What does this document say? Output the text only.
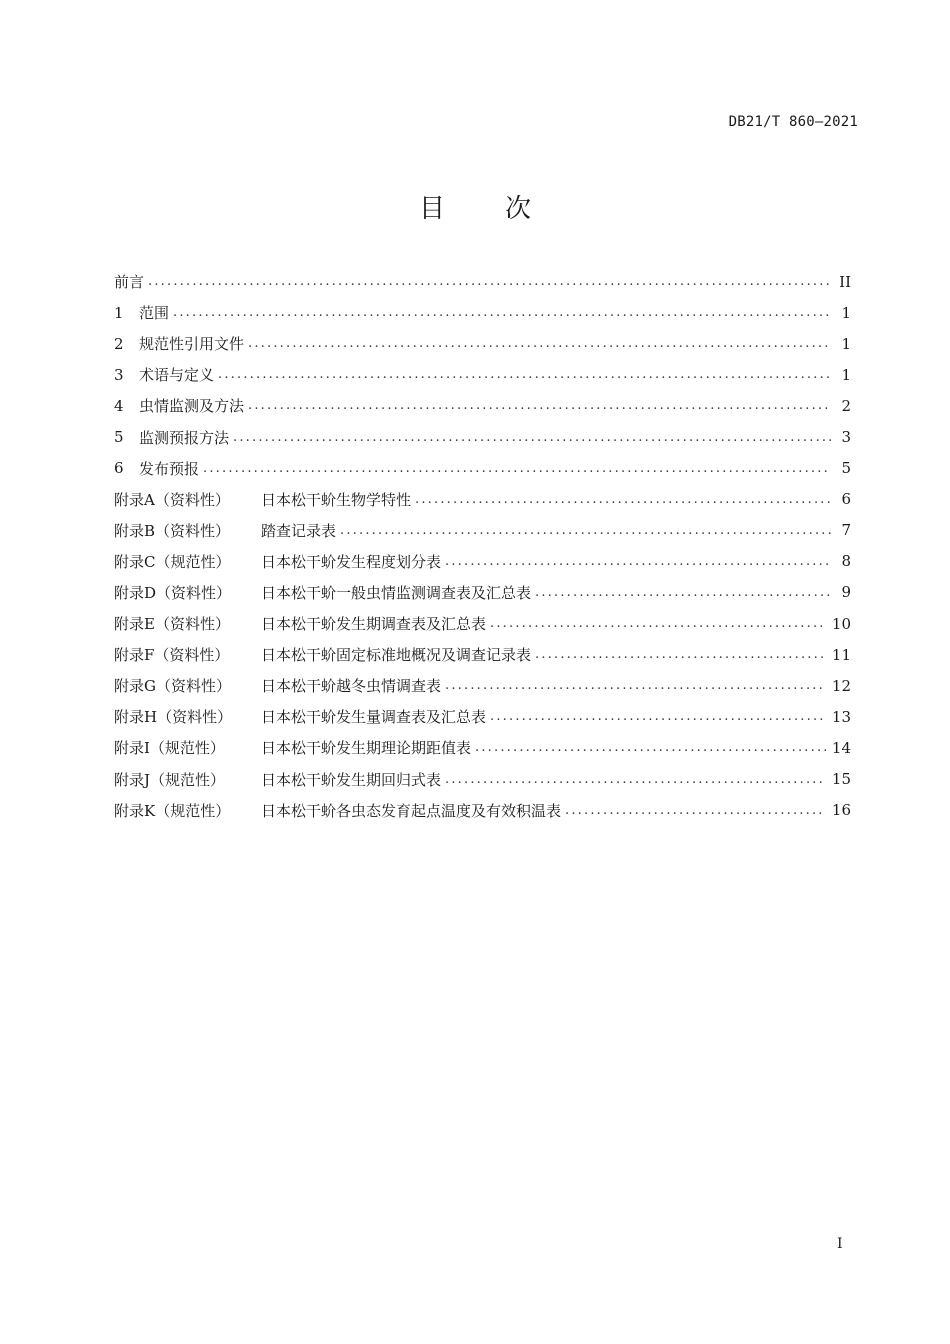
DB21/T 860—2021
目 次
前言 .....	II
1	范围 .....	1
2	规范性引用文件 .....	1
3	术语与定义 .....	1
4	虫情监测及方法 .....	2
5	监测预报方法 .....	3
6	发布预报 .....	5
附录A（资料性）	日本松干蚧生物学特性 .....	6
附录B（资料性）	踏查记录表 .....	7
附录C（规范性）	日本松干蚧发生程度划分表 .....	8
附录D（资料性）	日本松干蚧一般虫情监测调查表及汇总表 .....	9
附录E（资料性）	日本松干蚧发生期调查表及汇总表 .....	10
附录F（资料性）	日本松干蚧固定标准地概况及调查记录表 .....	11
附录G（资料性）	日本松干蚧越冬虫情调查表 .....	12
附录H（资料性）	日本松干蚧发生量调查表及汇总表 .....	13
附录I（规范性）	日本松干蚧发生期理论期距值表 .....	14
附录J（规范性）	日本松干蚧发生期回归式表 .....	15
附录K（规范性）	日本松干蚧各虫态发育起点温度及有效积温表 .....	16
I
